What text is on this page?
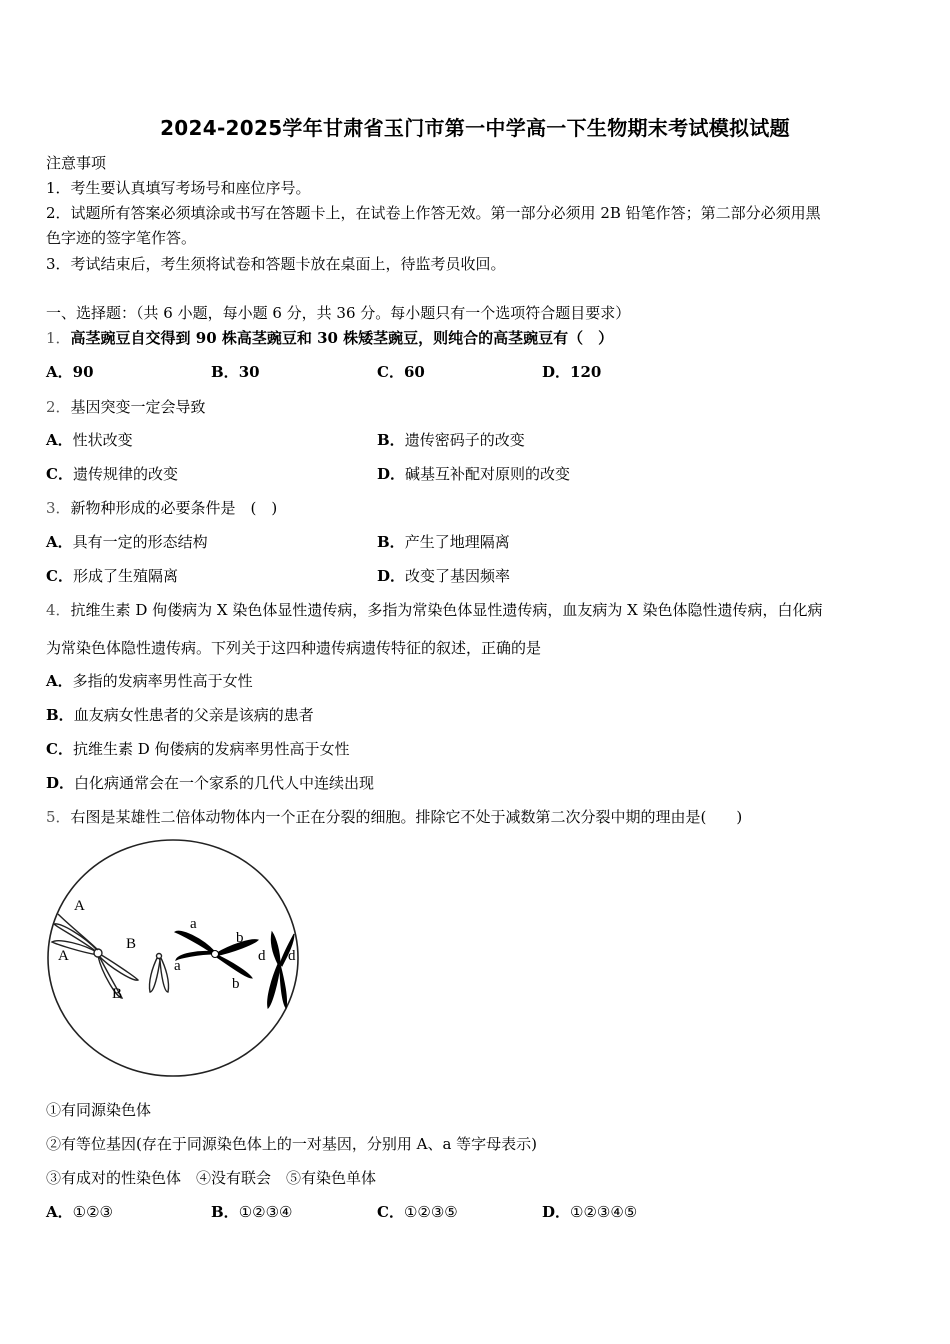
2024-2025学年甘肃省玉门市第一中学高一下生物期末考试模拟试题
注意事项
1．考生要认真填写考场号和座位序号。
2．试题所有答案必须填涂或书写在答题卡上，在试卷上作答无效。第一部分必须用 2B 铅笔作答；第二部分必须用黑
色字迹的签字笔作答。
3．考试结束后，考生须将试卷和答题卡放在桌面上，待监考员收回。
一、选择题：（共 6 小题，每小题 6 分，共 36 分。每小题只有一个选项符合题目要求）
1．高茎豌豆自交得到 90 株高茎豌豆和 30 株矮茎豌豆，则纯合的高茎豌豆有（　）
A．90	B．30	C．60	D．120
2．基因突变一定会导致
A．性状改变	B．遗传密码子的改变
C．遗传规律的改变	D．碱基互补配对原则的改变
3．新物种形成的必要条件是　(　)
A．具有一定的形态结构	B．产生了地理隔离
C．形成了生殖隔离	D．改变了基因频率
4．抗维生素 D 佝偻病为 X 染色体显性遗传病，多指为常染色体显性遗传病，血友病为 X 染色体隐性遗传病，白化病
为常染色体隐性遗传病。下列关于这四种遗传病遗传特征的叙述，正确的是
A．多指的发病率男性高于女性
B．血友病女性患者的父亲是该病的患者
C．抗维生素 D 佝偻病的发病率男性高于女性
D．白化病通常会在一个家系的几代人中连续出现
5．右图是某雄性二倍体动物体内一个正在分裂的细胞。排除它不处于减数第二次分裂中期的理由是(　　)
A
A
B
B
a
a
b
b
d d
①有同源染色体
②有等位基因(存在于同源染色体上的一对基因，分别用 A、a 等字母表示)
③有成对的性染色体　④没有联会　⑤有染色单体
A．①②③	B．①②③④	C．①②③⑤	D．①②③④⑤
